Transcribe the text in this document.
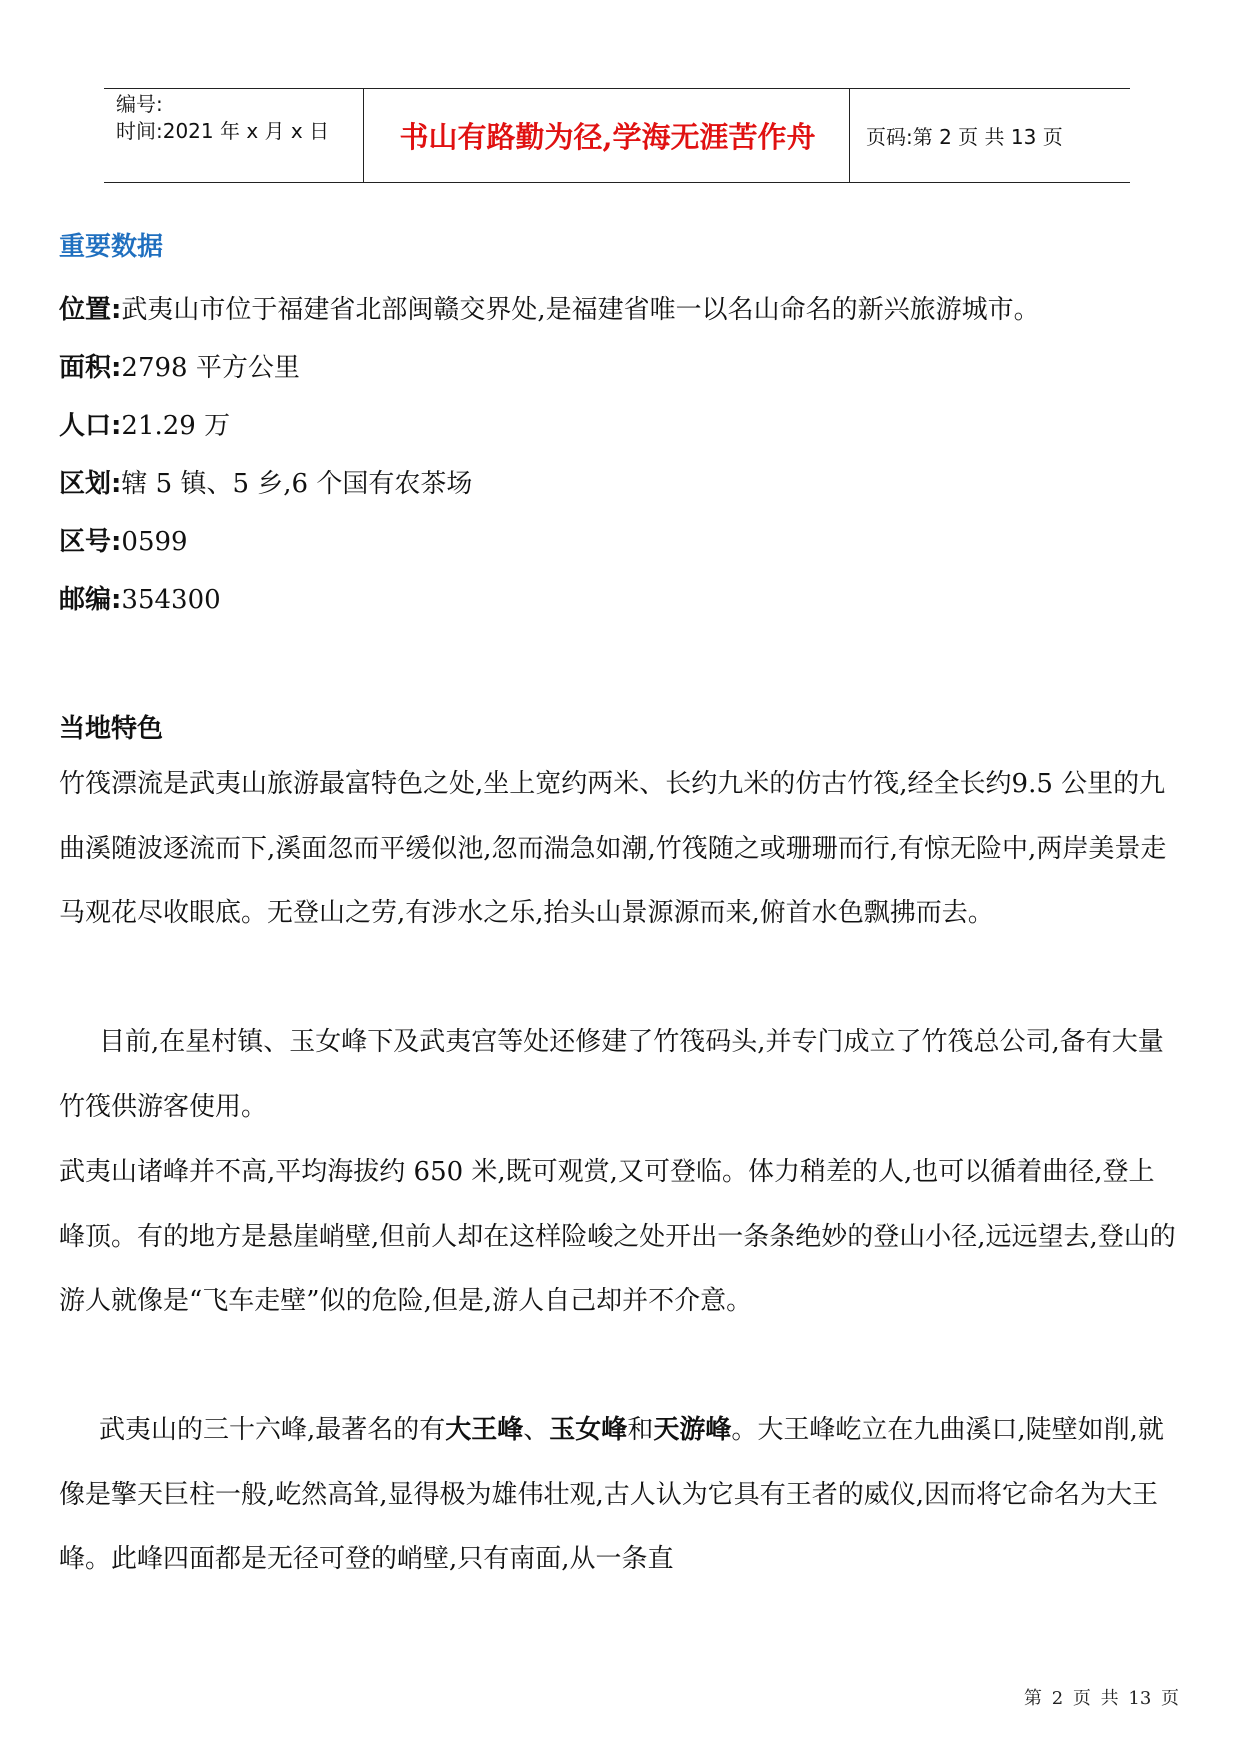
编号:
时间:2021 年 x 月 x 日	书山有路勤为径,学海无涯苦作舟	页码:第 2 页 共 13 页
重要数据
位置:武夷山市位于福建省北部闽赣交界处,是福建省唯一以名山命名的新兴旅游城市。
面积:2798 平方公里
人口:21.29 万
区划:辖 5 镇、5 乡,6 个国有农茶场
区号:0599
邮编:354300
当地特色
竹筏漂流是武夷山旅游最富特色之处,坐上宽约两米、长约九米的仿古竹筏,经全长约9.5 公里的九曲溪随波逐流而下,溪面忽而平缓似池,忽而湍急如潮,竹筏随之或珊珊而行,有惊无险中,两岸美景走马观花尽收眼底。无登山之劳,有涉水之乐,抬头山景源源而来,俯首水色飘拂而去。
目前,在星村镇、玉女峰下及武夷宫等处还修建了竹筏码头,并专门成立了竹筏总公司,备有大量竹筏供游客使用。
武夷山诸峰并不高,平均海拔约 650 米,既可观赏,又可登临。体力稍差的人,也可以循着曲径,登上峰顶。有的地方是悬崖峭壁,但前人却在这样险峻之处开出一条条绝妙的登山小径,远远望去,登山的游人就像是“飞车走壁”似的危险,但是,游人自己却并不介意。
武夷山的三十六峰,最著名的有大王峰、玉女峰和天游峰。大王峰屹立在九曲溪口,陡壁如削,就像是擎天巨柱一般,屹然高耸,显得极为雄伟壮观,古人认为它具有王者的威仪,因而将它命名为大王峰。此峰四面都是无径可登的峭壁,只有南面,从一条直
第 2 页 共 13 页
